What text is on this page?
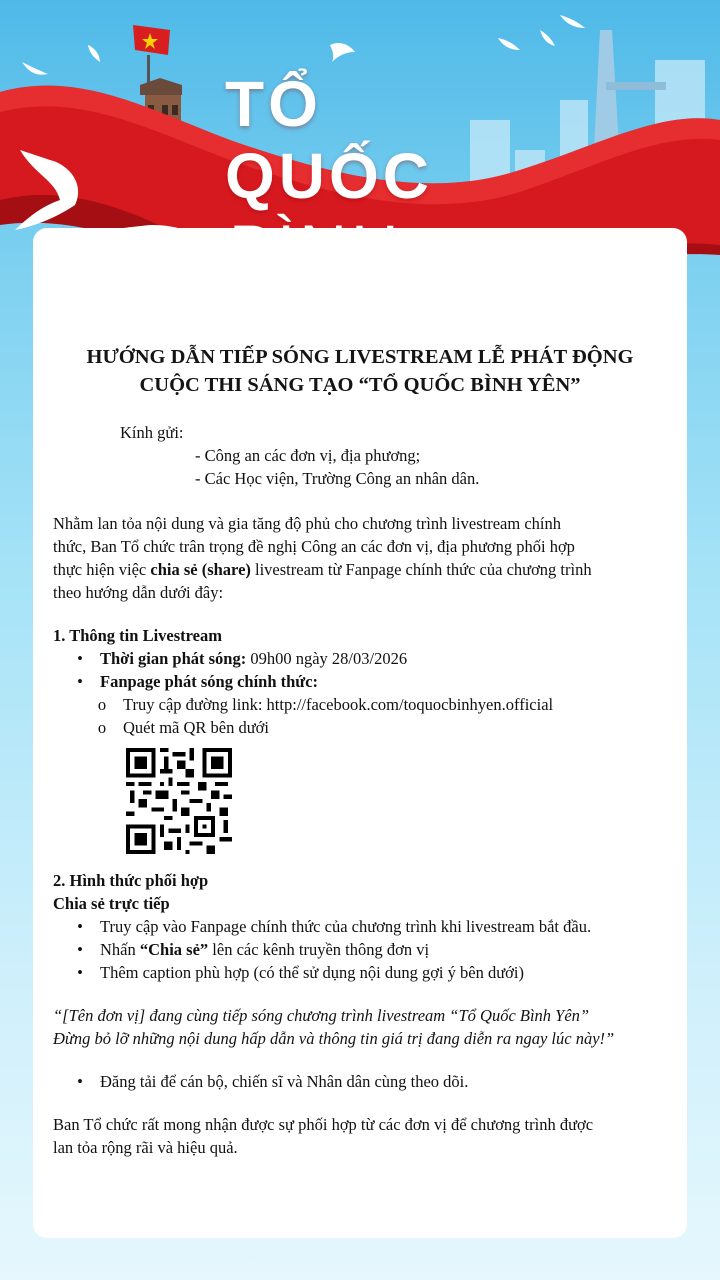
TỔ QUỐC
HƯỚNG DẪN TIẾP SÓNG LIVESTREAM LỄ PHÁT ĐỘNG
CUỘC THI SÁNG TẠO “TỔ QUỐC BÌNH YÊN”
Kính gửi:
- Công an các đơn vị, địa phương;
- Các Học viện, Trường Công an nhân dân.
Nhằm lan tỏa nội dung và gia tăng độ phủ cho chương trình livestream chính
thức, Ban Tổ chức trân trọng đề nghị Công an các đơn vị, địa phương phối hợp
thực hiện việc chia sẻ (share) livestream từ Fanpage chính thức của chương trình
theo hướng dẫn dưới đây:
1. Thông tin Livestream
• Thời gian phát sóng: 09h00 ngày 28/03/2026
• Fanpage phát sóng chính thức:
o Truy cập đường link: http://facebook.com/toquocbinhyen.official
o Quét mã QR bên dưới
2. Hình thức phối hợp
Chia sẻ trực tiếp
• Truy cập vào Fanpage chính thức của chương trình khi livestream bắt đầu.
• Nhấn “Chia sẻ” lên các kênh truyền thông đơn vị
• Thêm caption phù hợp (có thể sử dụng nội dung gợi ý bên dưới)
“[Tên đơn vị] đang cùng tiếp sóng chương trình livestream “Tổ Quốc Bình Yên”
Đừng bỏ lỡ những nội dung hấp dẫn và thông tin giá trị đang diễn ra ngay lúc này!”
• Đăng tải để cán bộ, chiến sĩ và Nhân dân cùng theo dõi.
Ban Tổ chức rất mong nhận được sự phối hợp từ các đơn vị để chương trình được
lan tỏa rộng rãi và hiệu quả.
